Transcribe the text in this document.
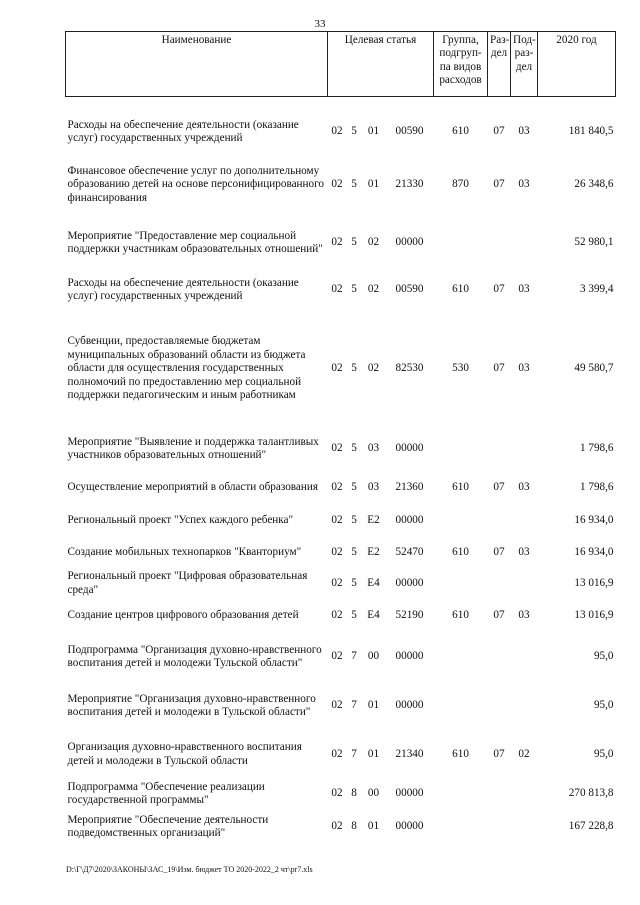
33
Наименование	Целевая статья				Группа, подгруп-па видов расходов	Раз-дел	Под-раз-дел	2020 год

Расходы на обеспечение деятельности (оказание услуг) государственных учреждений	02	5	01	00590	610	07	03	181 840,5
Финансовое обеспечение услуг по дополнительному образованию детей на основе персонифицированного финансирования	02	5	01	21330	870	07	03	26 348,6
Мероприятие "Предоставление мер социальной поддержки участникам образовательных отношений"	02	5	02	00000				52 980,1
Расходы на обеспечение деятельности (оказание услуг) государственных учреждений	02	5	02	00590	610	07	03	3 399,4
Субвенции, предоставляемые бюджетам муниципальных образований области из бюджета области для осуществления государственных полномочий по предоставлению мер социальной поддержки педагогическим и иным работникам	02	5	02	82530	530	07	03	49 580,7
Мероприятие "Выявление и поддержка талантливых участников образовательных отношений"	02	5	03	00000				1 798,6
Осуществление мероприятий в области образования	02	5	03	21360	610	07	03	1 798,6
Региональный проект "Успех каждого ребенка"	02	5	E2	00000				16 934,0
Создание мобильных технопарков "Кванториум"	02	5	E2	52470	610	07	03	16 934,0
Региональный проект "Цифровая образовательная среда"	02	5	E4	00000				13 016,9
Создание центров цифрового образования детей	02	5	E4	52190	610	07	03	13 016,9
Подпрограмма "Организация духовно-нравственного воспитания детей и молодежи Тульской области"	02	7	00	00000				95,0
Мероприятие "Организация духовно-нравственного воспитания детей и молодежи в Тульской области"	02	7	01	00000				95,0
Организация духовно-нравственного воспитания детей и молодежи в Тульской области	02	7	01	21340	610	07	02	95,0
Подпрограмма "Обеспечение реализации государственной программы"	02	8	00	00000				270 813,8
Мероприятие "Обеспечение деятельности подведомственных организаций"	02	8	01	00000				167 228,8
D:\Г\Д7\2020\ЗАКОНЫ\ЗАС_19\Изм. бюджет ТО 2020-2022_2 чт\pr7.xls
